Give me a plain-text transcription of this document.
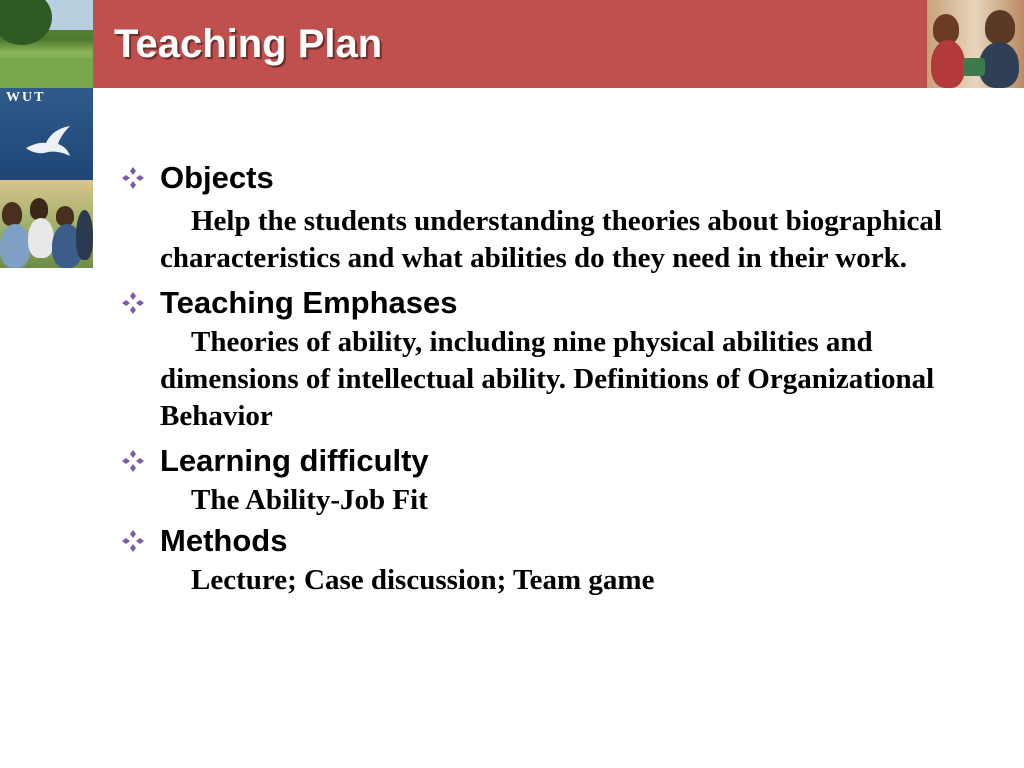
Teaching Plan
WUT
Objects

Help the students understanding theories about biographical characteristics and what abilities do they need in their work.

Teaching Emphases

Theories of ability, including nine physical abilities and dimensions of intellectual ability. Definitions of Organizational Behavior

Learning difficulty

The Ability-Job Fit

Methods

Lecture; Case discussion; Team game
